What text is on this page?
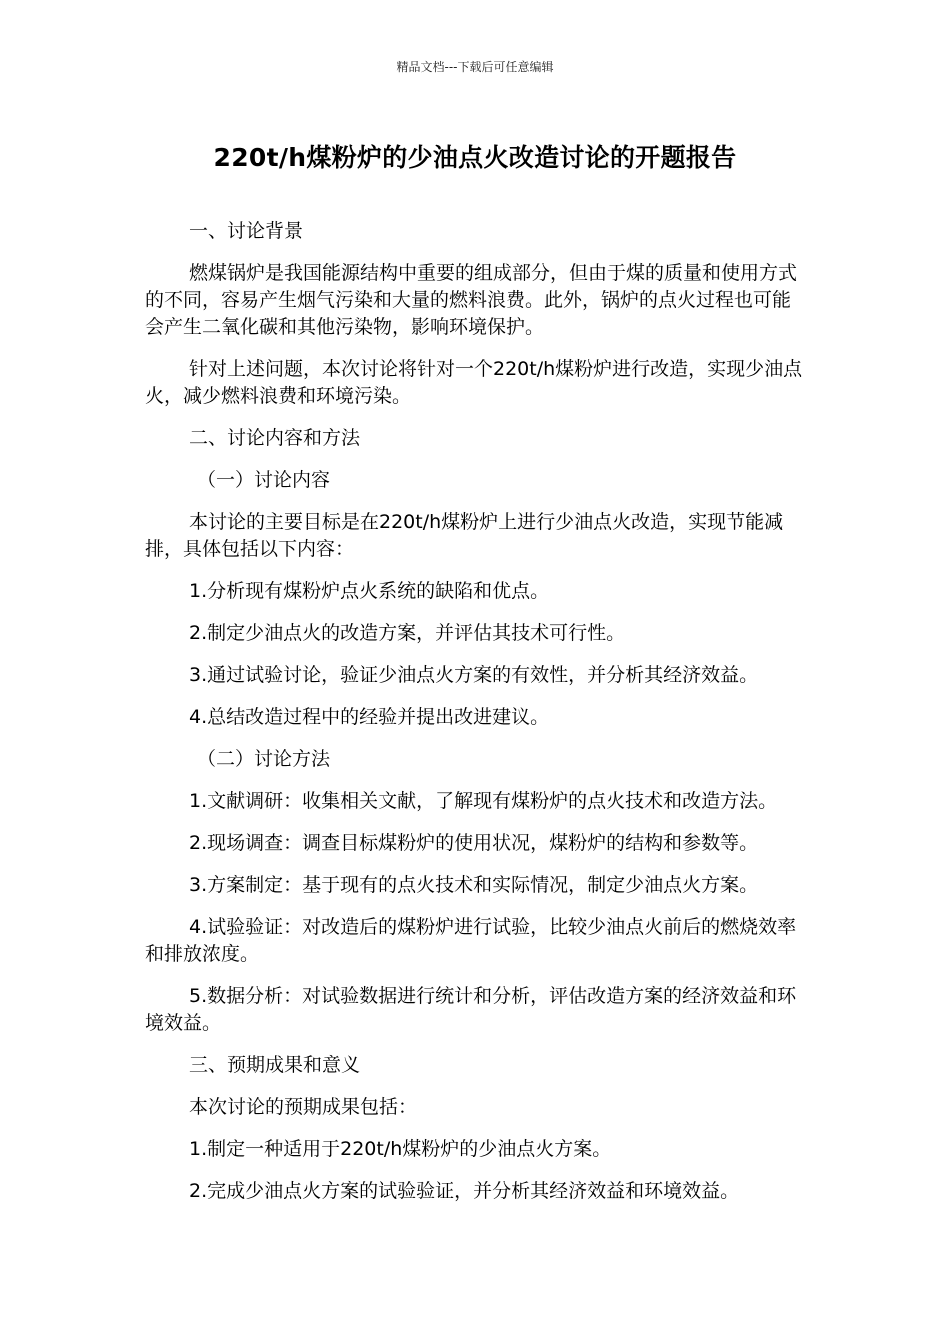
精品文档---下载后可任意编辑
220t/h煤粉炉的少油点火改造讨论的开题报告

一、讨论背景

燃煤锅炉是我国能源结构中重要的组成部分，但由于煤的质量和使用方式的不同，容易产生烟气污染和大量的燃料浪费。此外，锅炉的点火过程也可能会产生二氧化碳和其他污染物，影响环境保护。

针对上述问题，本次讨论将针对一个220t/h煤粉炉进行改造，实现少油点火，减少燃料浪费和环境污染。

二、讨论内容和方法

（一）讨论内容

本讨论的主要目标是在220t/h煤粉炉上进行少油点火改造，实现节能减排，具体包括以下内容：

1.分析现有煤粉炉点火系统的缺陷和优点。

2.制定少油点火的改造方案，并评估其技术可行性。

3.通过试验讨论，验证少油点火方案的有效性，并分析其经济效益。

4.总结改造过程中的经验并提出改进建议。

（二）讨论方法

1.文献调研：收集相关文献，了解现有煤粉炉的点火技术和改造方法。

2.现场调查：调查目标煤粉炉的使用状况，煤粉炉的结构和参数等。

3.方案制定：基于现有的点火技术和实际情况，制定少油点火方案。

4.试验验证：对改造后的煤粉炉进行试验，比较少油点火前后的燃烧效率和排放浓度。

5.数据分析：对试验数据进行统计和分析，评估改造方案的经济效益和环境效益。

三、预期成果和意义

本次讨论的预期成果包括：

1.制定一种适用于220t/h煤粉炉的少油点火方案。

2.完成少油点火方案的试验验证，并分析其经济效益和环境效益。
